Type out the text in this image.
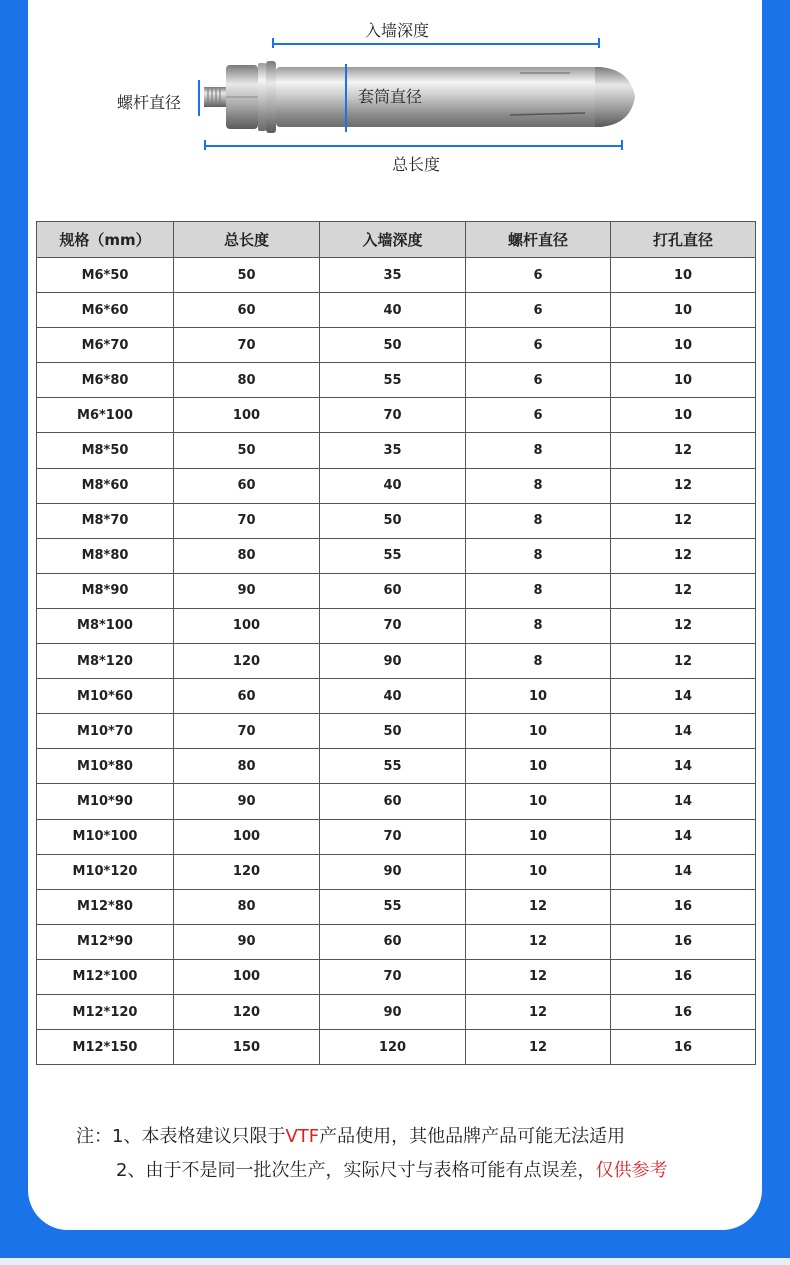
入墙深度
螺杆直径	套筒直径
总长度
规格（mm）	总长度	入墙深度	螺杆直径	打孔直径
M6*50	50	35	6	10
M6*60	60	40	6	10
M6*70	70	50	6	10
M6*80	80	55	6	10
M6*100	100	70	6	10
M8*50	50	35	8	12
M8*60	60	40	8	12
M8*70	70	50	8	12
M8*80	80	55	8	12
M8*90	90	60	8	12
M8*100	100	70	8	12
M8*120	120	90	8	12
M10*60	60	40	10	14
M10*70	70	50	10	14
M10*80	80	55	10	14
M10*90	90	60	10	14
M10*100	100	70	10	14
M10*120	120	90	10	14
M12*80	80	55	12	16
M12*90	90	60	12	16
M12*100	100	70	12	16
M12*120	120	90	12	16
M12*150	150	120	12	16
注：1、本表格建议只限于VTF产品使用，其他品牌产品可能无法适用
2、由于不是同一批次生产，实际尺寸与表格可能有点误差，仅供参考
